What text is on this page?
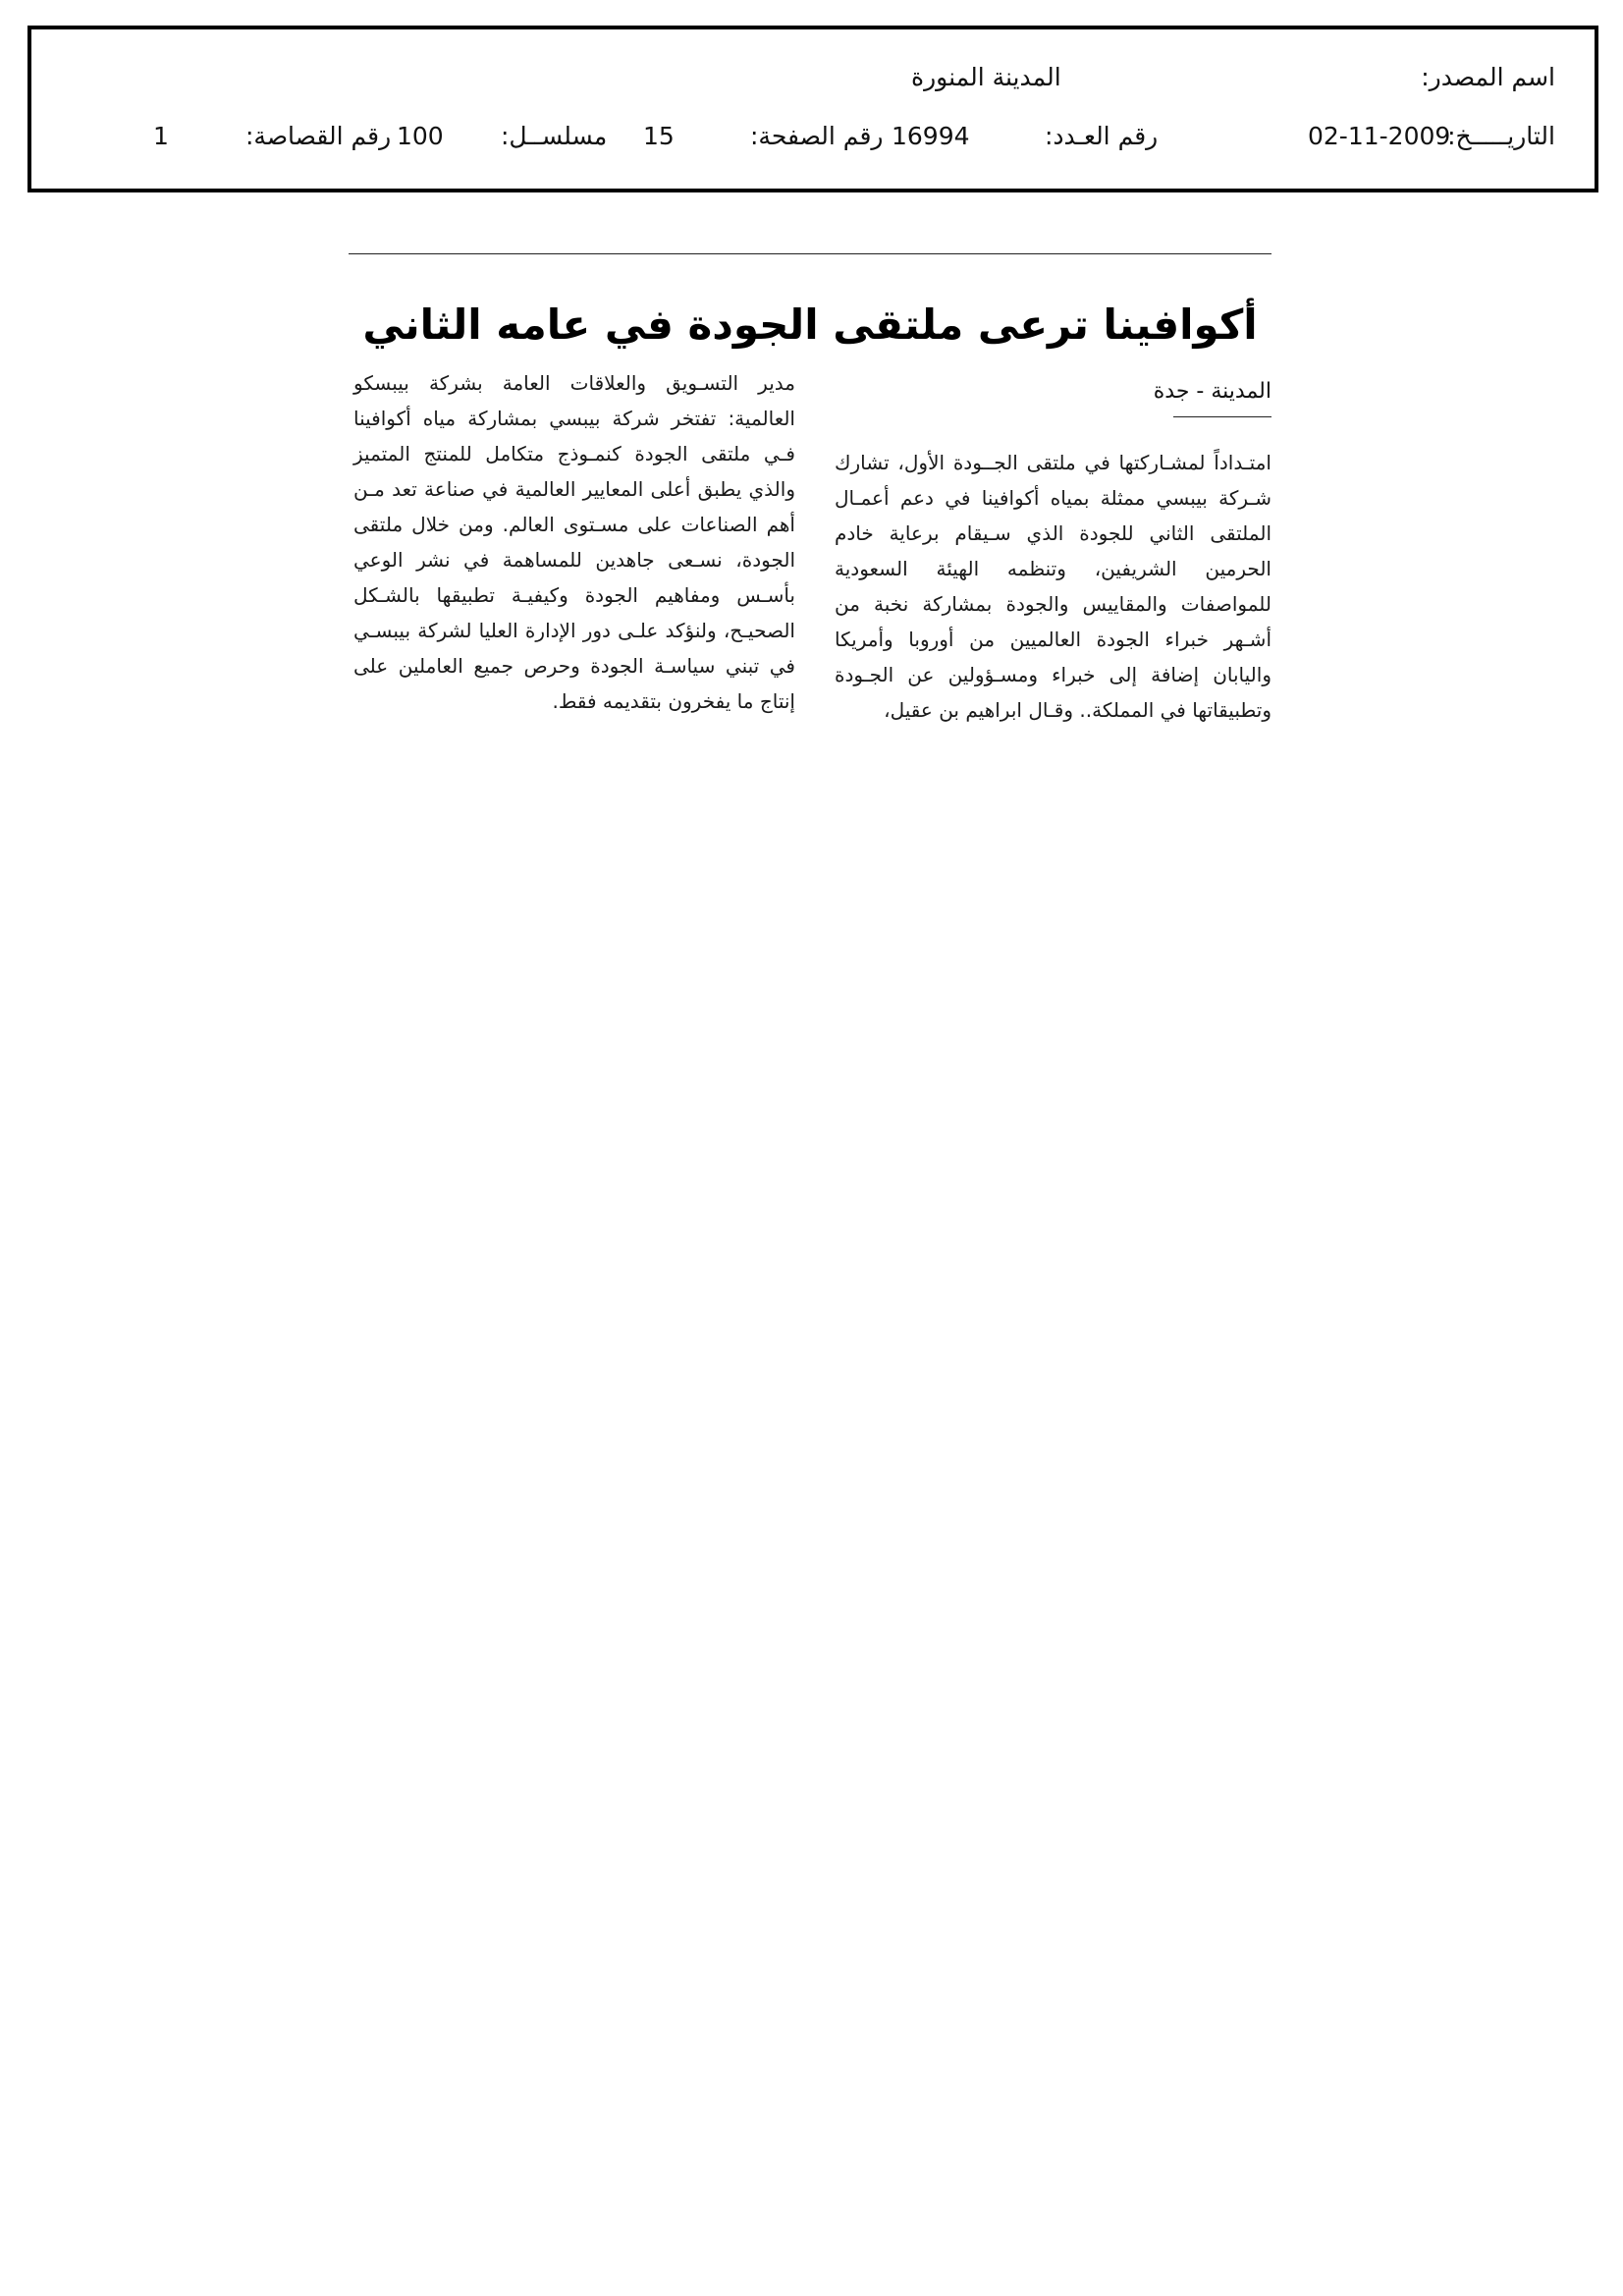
اسم المصدر:
المدينة المنورة
التاريـــــخ:
02-11-2009
رقم العـدد:
16994
رقم الصفحة:
15
مسلســل:
100
رقم القصاصة:
1
أكوافينا ترعى ملتقى الجودة في عامه الثاني
المدينة - جدة
امتـداداً لمشـاركتها في ملتقى الجــودة الأول، تشارك شـركة بيبسي ممثلة بمياه أكوافينا في دعم أعمـال الملتقى الثاني للجودة الذي سـيقام برعاية خادم الحرمين الشريفين، وتنظمه الهيئة السعودية للمواصفات والمقاييس والجودة بمشاركة نخبة من أشـهر خبراء الجودة العالميين من أوروبا وأمريكا واليابان إضافة إلى خبراء ومسـؤولين عن الجـودة وتطبيقاتها في المملكة.. وقـال ابراهيم بن عقيل،
مدير التسـويق والعلاقات العامة بشركة بيبسكو العالمية: تفتخر شركة بيبسي بمشاركة مياه أكوافينا فـي ملتقى الجودة كنمـوذج متكامل للمنتج المتميز والذي يطبق أعلى المعايير العالمية في صناعة تعد مـن أهم الصناعات على مسـتوى العالم. ومن خلال ملتقى الجودة، نسـعى جاهدين للمساهمة في نشر الوعي بأسـس ومفاهيم الجودة وكيفيـة تطبيقها بالشـكل الصحيـح، ولنؤكد علـى دور الإدارة العليا لشركة بيبسـي في تبني سياسـة الجودة وحرص جميع العاملين على إنتاج ما يفخرون بتقديمه فقط.
